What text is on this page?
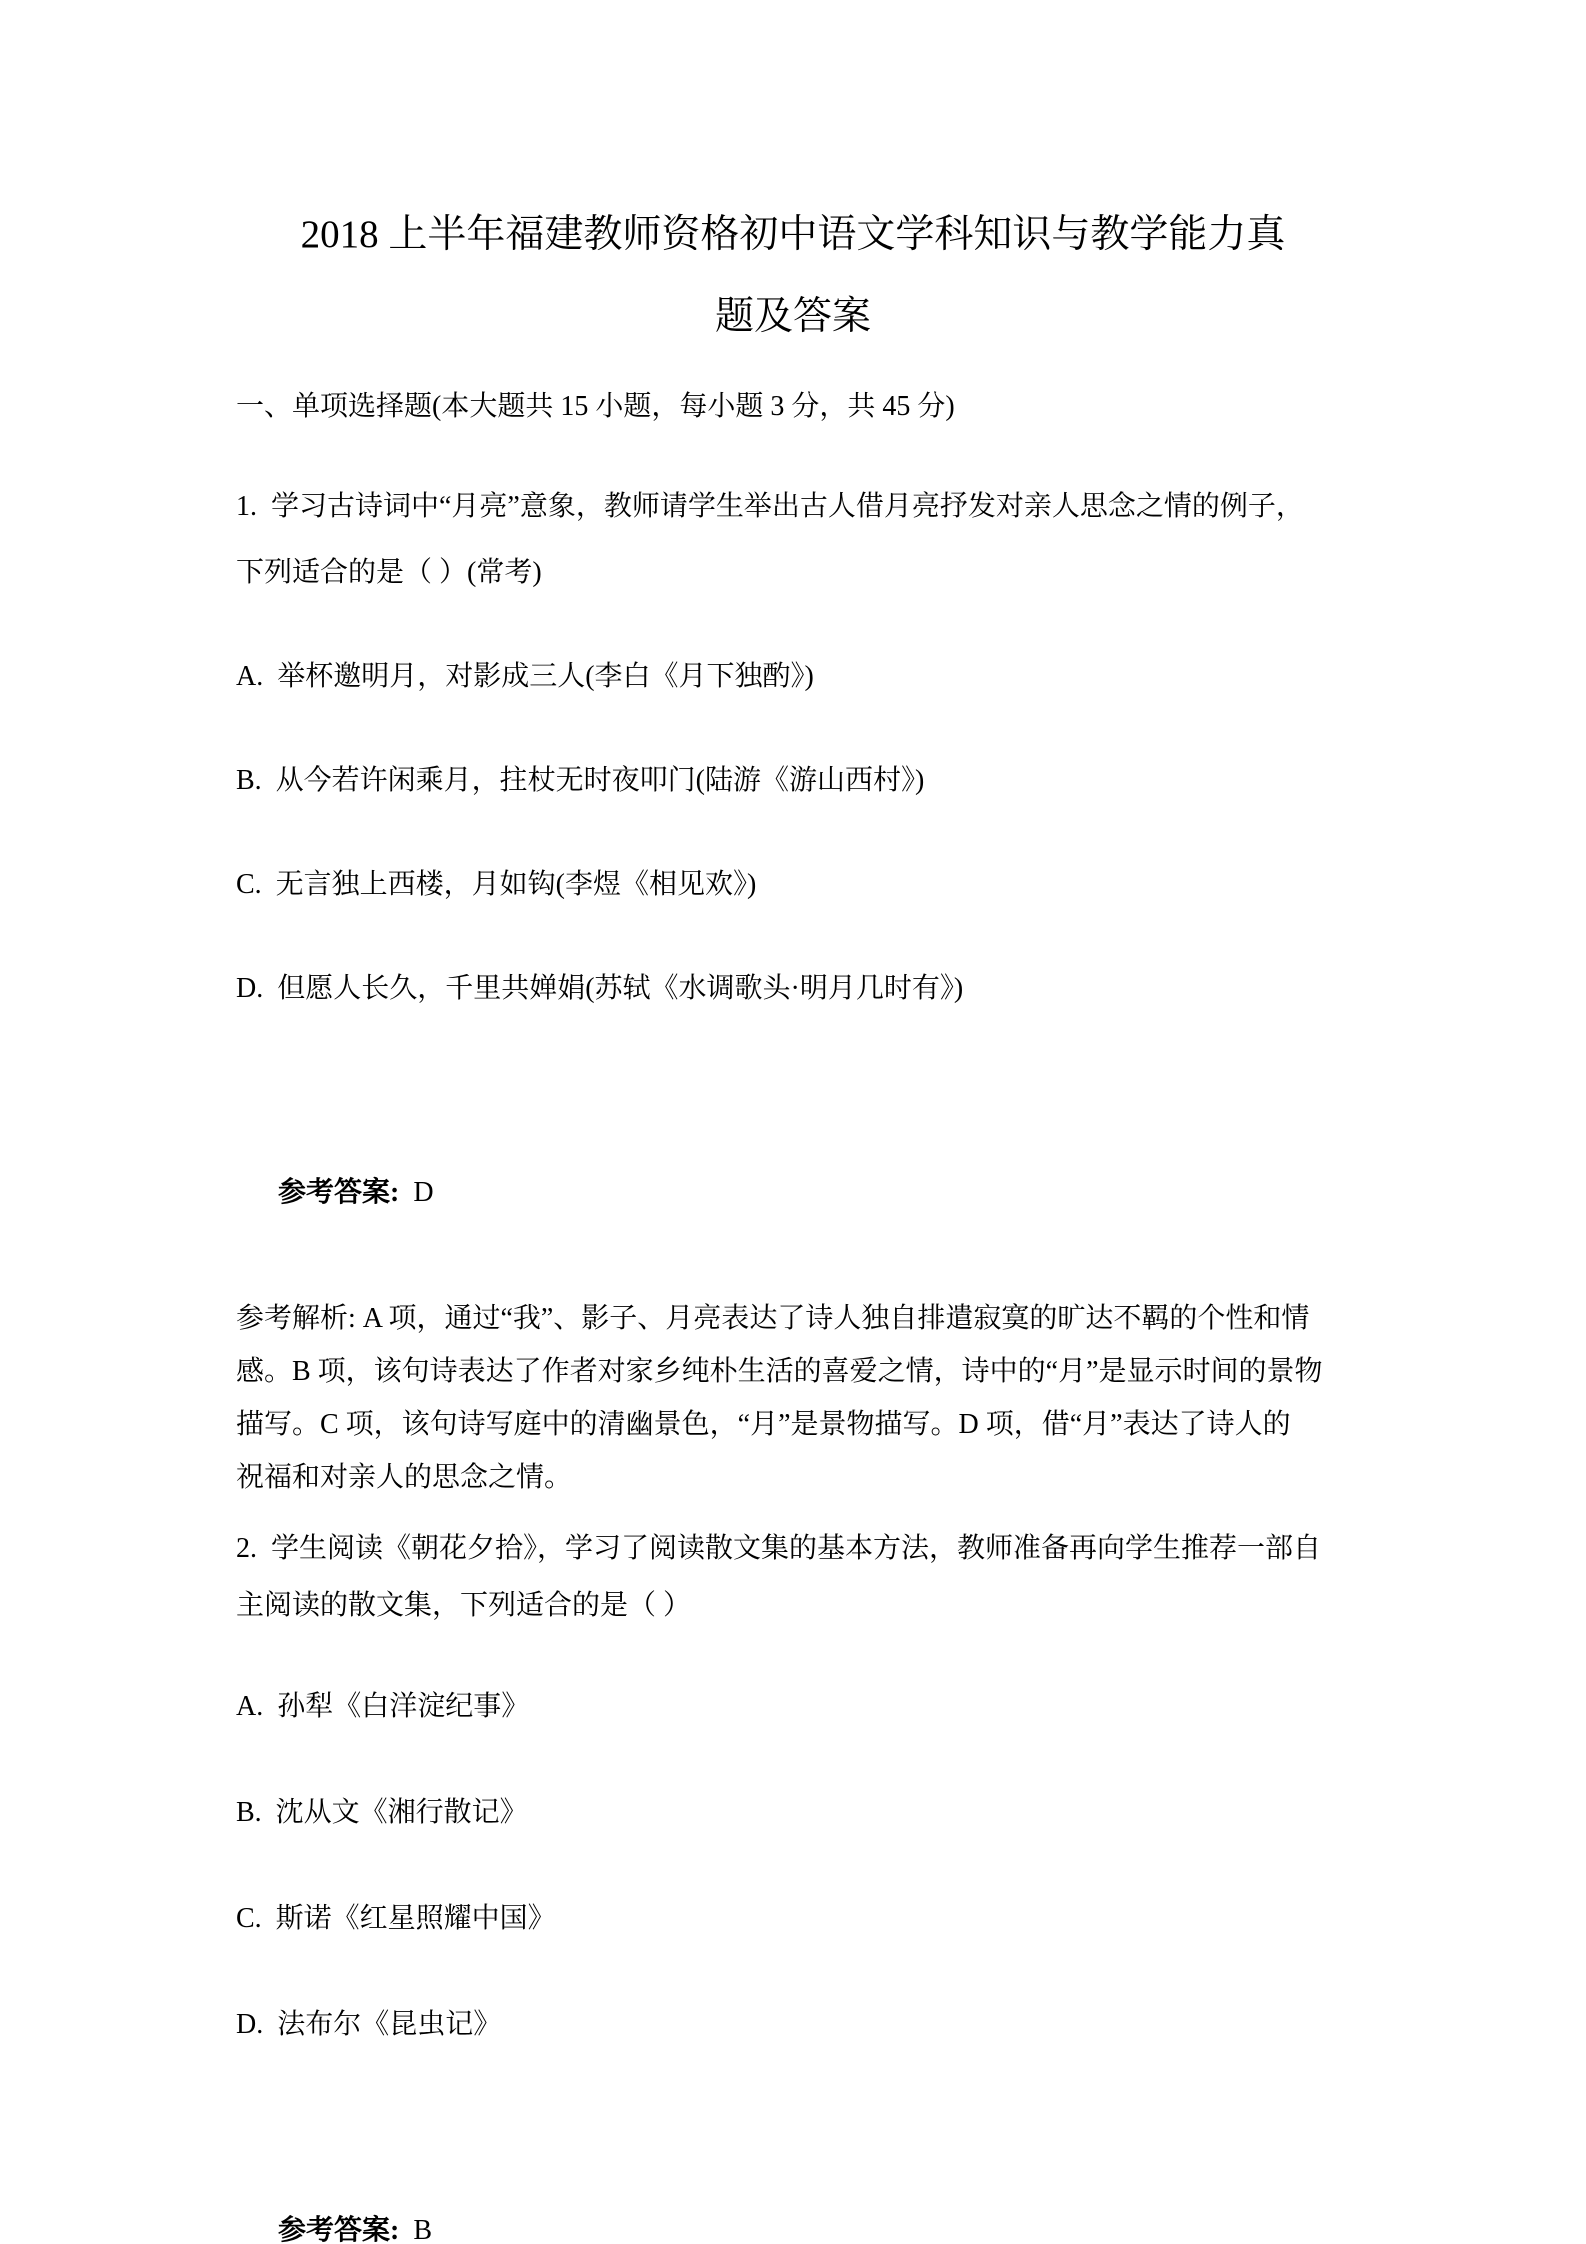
2018 上半年福建教师资格初中语文学科知识与教学能力真
题及答案

一、单项选择题(本大题共 15 小题，每小题 3 分，共 45 分)

1.  学习古诗词中“月亮”意象，教师请学生举出古人借月亮抒发对亲人思念之情的例子，
下列适合的是（ ）(常考)

A.  举杯邀明月，对影成三人(李白《月下独酌》)

B.  从今若许闲乘月，拄杖无时夜叩门(陆游《游山西村》)

C.  无言独上西楼，月如钩(李煜《相见欢》)

D.  但愿人长久，千里共婵娟(苏轼《水调歌头·明月几时有》)

参考答案: D

参考解析: A 项，通过“我”、影子、月亮表达了诗人独自排遣寂寞的旷达不羁的个性和情
感。B 项，该句诗表达了作者对家乡纯朴生活的喜爱之情，诗中的“月”是显示时间的景物
描写。C 项，该句诗写庭中的清幽景色，“月”是景物描写。D 项，借“月”表达了诗人的
祝福和对亲人的思念之情。

2.  学生阅读《朝花夕拾》，学习了阅读散文集的基本方法，教师准备再向学生推荐一部自
主阅读的散文集，下列适合的是（ ）

A.  孙犁《白洋淀纪事》

B.  沈从文《湘行散记》

C.  斯诺《红星照耀中国》

D.  法布尔《昆虫记》

参考答案: B
